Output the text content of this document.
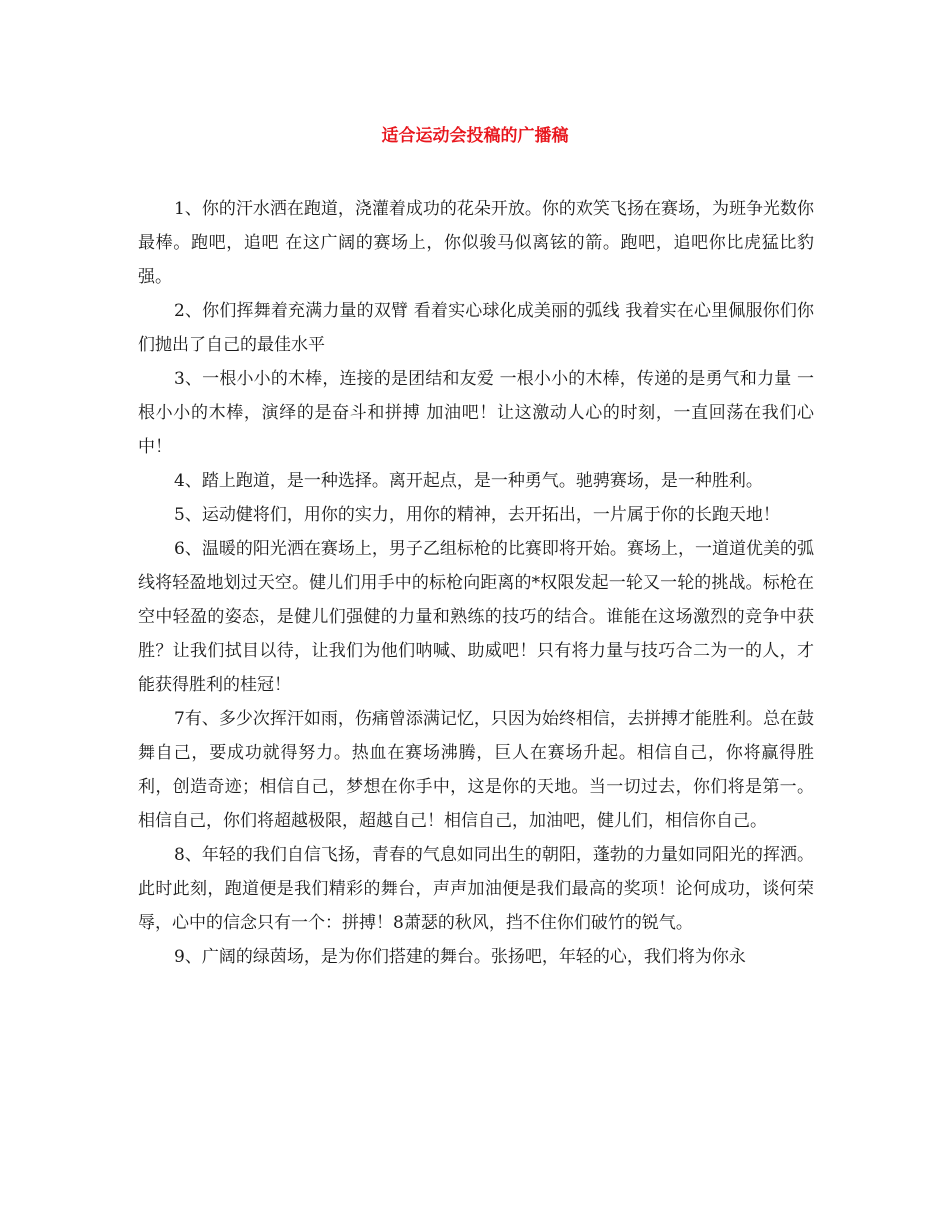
适合运动会投稿的广播稿

1、你的汗水洒在跑道，浇灌着成功的花朵开放。你的欢笑飞扬在赛场，为班争光数你最棒。跑吧，追吧 在这广阔的赛场上，你似骏马似离铉的箭。跑吧，追吧你比虎猛比豹强。

2、你们挥舞着充满力量的双臂 看着实心球化成美丽的弧线 我着实在心里佩服你们你们抛出了自己的最佳水平

3、一根小小的木棒，连接的是团结和友爱 一根小小的木棒，传递的是勇气和力量 一根小小的木棒，演绎的是奋斗和拼搏 加油吧！让这激动人心的时刻，一直回荡在我们心中！

4、踏上跑道，是一种选择。离开起点，是一种勇气。驰骋赛场，是一种胜利。

5、运动健将们，用你的实力，用你的精神，去开拓出，一片属于你的长跑天地！

6、温暖的阳光洒在赛场上，男子乙组标枪的比赛即将开始。赛场上，一道道优美的弧线将轻盈地划过天空。健儿们用手中的标枪向距离的*权限发起一轮又一轮的挑战。标枪在空中轻盈的姿态，是健儿们强健的力量和熟练的技巧的结合。谁能在这场激烈的竞争中获胜？让我们拭目以待，让我们为他们呐喊、助威吧！只有将力量与技巧合二为一的人，才能获得胜利的桂冠！

7有、多少次挥汗如雨，伤痛曾添满记忆，只因为始终相信，去拼搏才能胜利。总在鼓舞自己，要成功就得努力。热血在赛场沸腾，巨人在赛场升起。相信自己，你将赢得胜利，创造奇迹；相信自己，梦想在你手中，这是你的天地。当一切过去，你们将是第一。相信自己，你们将超越极限，超越自己！相信自己，加油吧，健儿们，相信你自己。

8、年轻的我们自信飞扬，青春的气息如同出生的朝阳，蓬勃的力量如同阳光的挥洒。此时此刻，跑道便是我们精彩的舞台，声声加油便是我们最高的奖项！论何成功，谈何荣辱，心中的信念只有一个：拼搏！8萧瑟的秋风，挡不住你们破竹的锐气。

9、广阔的绿茵场，是为你们搭建的舞台。张扬吧，年轻的心，我们将为你永
